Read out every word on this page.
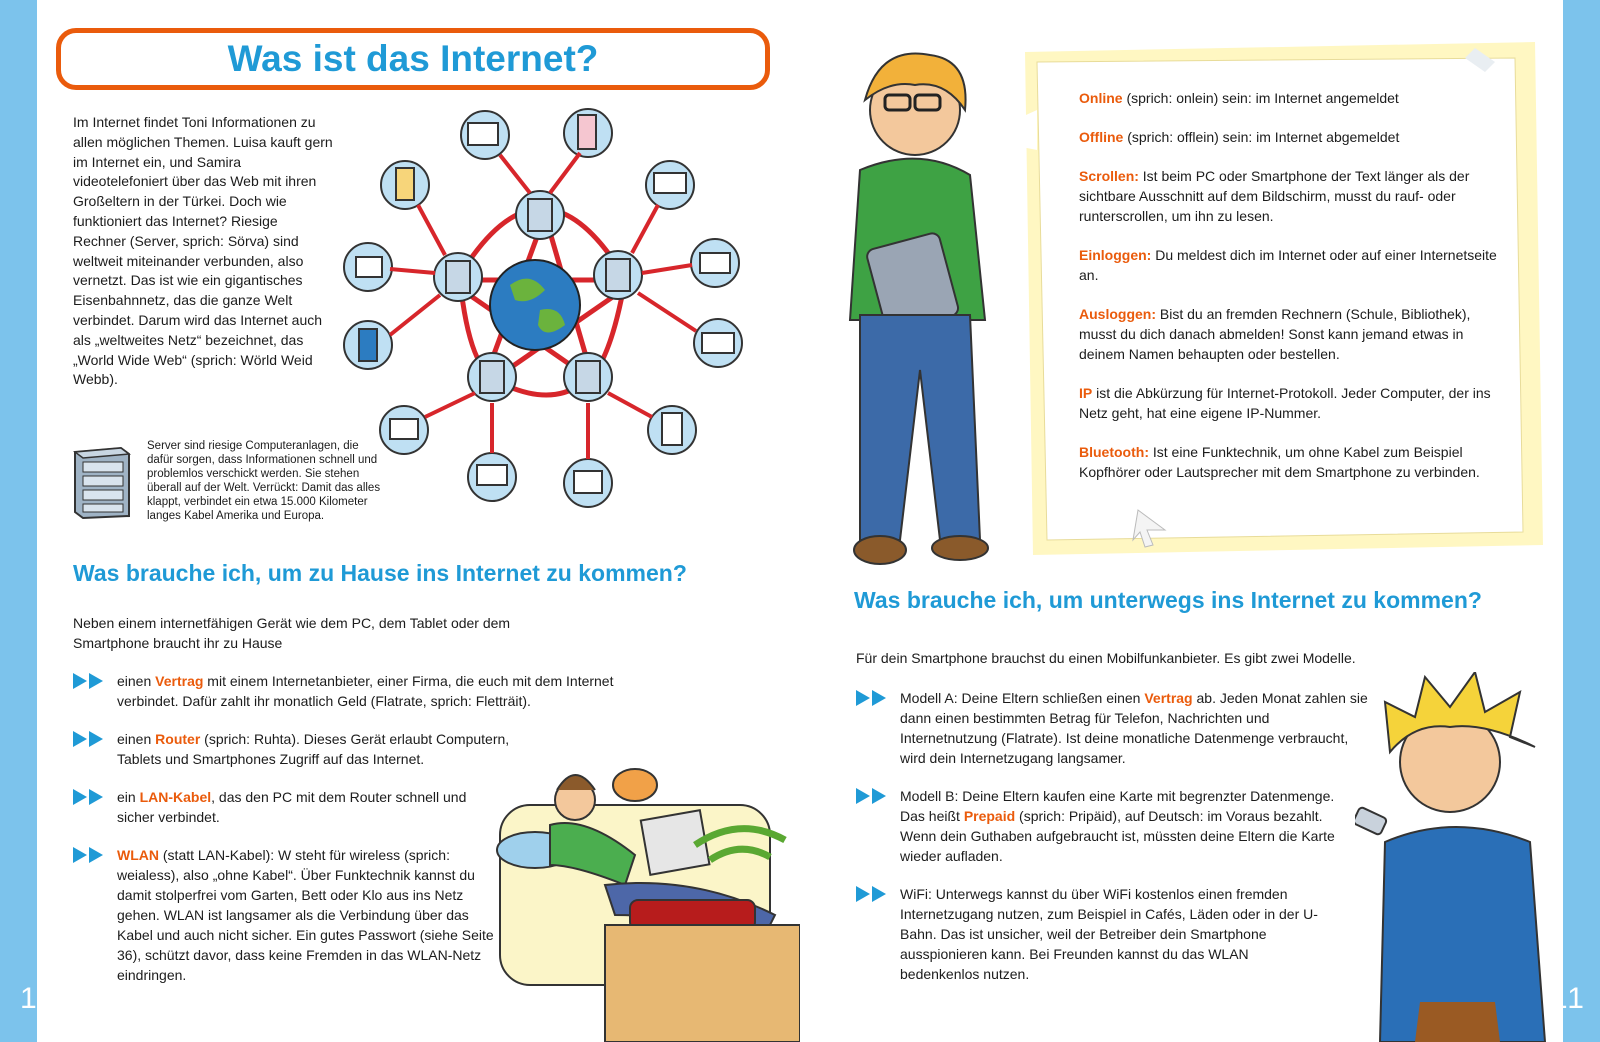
10	11
Was ist das Internet?
Im Internet findet Toni Informationen zu allen möglichen Themen. Luisa kauft gern im Internet ein, und Samira videotelefoniert über das Web mit ihren Großeltern in der Türkei. Doch wie funktioniert das Internet? Riesige Rechner (Server, sprich: Sörva) sind weltweit miteinander verbunden, also vernetzt. Das ist wie ein gigantisches Eisenbahnnetz, das die ganze Welt verbindet. Darum wird das Internet auch als „weltweites Netz“ bezeichnet, das „World Wide Web“ (sprich: Wörld Weid Webb).
Server sind riesige Computeranlagen, die dafür sorgen, dass Informationen schnell und problemlos verschickt werden. Sie stehen überall auf der Welt. Verrückt: Damit das alles klappt, verbindet ein etwa 15.000 Kilometer langes Kabel Amerika und Europa.
Was brauche ich, um zu Hause ins Internet zu kommen?
Neben einem internetfähigen Gerät wie dem PC, dem Tablet oder dem Smartphone braucht ihr zu Hause
einen Vertrag mit einem Internetanbieter, einer Firma, die euch mit dem Internet verbindet. Dafür zahlt ihr monatlich Geld (Flatrate, sprich: Fletträit).
einen Router (sprich: Ruhta). Dieses Gerät erlaubt Computern, Tablets und Smartphones Zugriff auf das Internet.
ein LAN-Kabel, das den PC mit dem Router schnell und sicher verbindet.
WLAN (statt LAN-Kabel): W steht für wireless (sprich: weialess), also „ohne Kabel“. Über Funktechnik kannst du damit stolperfrei vom Garten, Bett oder Klo aus ins Netz gehen. WLAN ist langsamer als die Verbindung über das Kabel und auch nicht sicher. Ein gutes Passwort (siehe Seite 36), schützt davor, dass keine Fremden in das WLAN-Netz eindringen.

Online (sprich: onlein) sein: im Internet angemeldet

Offline (sprich: offlein) sein: im Internet abgemeldet

Scrollen: Ist beim PC oder Smartphone der Text länger als der sichtbare Ausschnitt auf dem Bildschirm, musst du rauf- oder runterscrollen, um ihn zu lesen.

Einloggen: Du meldest dich im Internet oder auf einer Internetseite an.

Ausloggen: Bist du an fremden Rechnern (Schule, Bibliothek), musst du dich danach abmelden! Sonst kann jemand etwas in deinem Namen behaupten oder bestellen.

IP ist die Abkürzung für Internet-Protokoll. Jeder Computer, der ins Netz geht, hat eine eigene IP-Nummer.

Bluetooth: Ist eine Funktechnik, um ohne Kabel zum Beispiel Kopfhörer oder Lautsprecher mit dem Smartphone zu verbinden.

Was brauche ich, um unterwegs ins Internet zu kommen?
Für dein Smartphone brauchst du einen Mobilfunkanbieter. Es gibt zwei Modelle.
Modell A: Deine Eltern schließen einen Vertrag ab. Jeden Monat zahlen sie dann einen bestimmten Betrag für Telefon, Nachrichten und Internetnutzung (Flatrate). Ist deine monatliche Datenmenge verbraucht, wird dein Internetzugang langsamer.
Modell B: Deine Eltern kaufen eine Karte mit begrenzter Datenmenge. Das heißt Prepaid (sprich: Pripäid), auf Deutsch: im Voraus bezahlt. Wenn dein Guthaben aufgebraucht ist, müssten deine Eltern die Karte wieder aufladen.
WiFi: Unterwegs kannst du über WiFi kostenlos einen fremden Internetzugang nutzen, zum Beispiel in Cafés, Läden oder in der U-Bahn. Das ist unsicher, weil der Betreiber dein Smartphone ausspionieren kann. Bei Freunden kannst du das WLAN bedenkenlos nutzen.
